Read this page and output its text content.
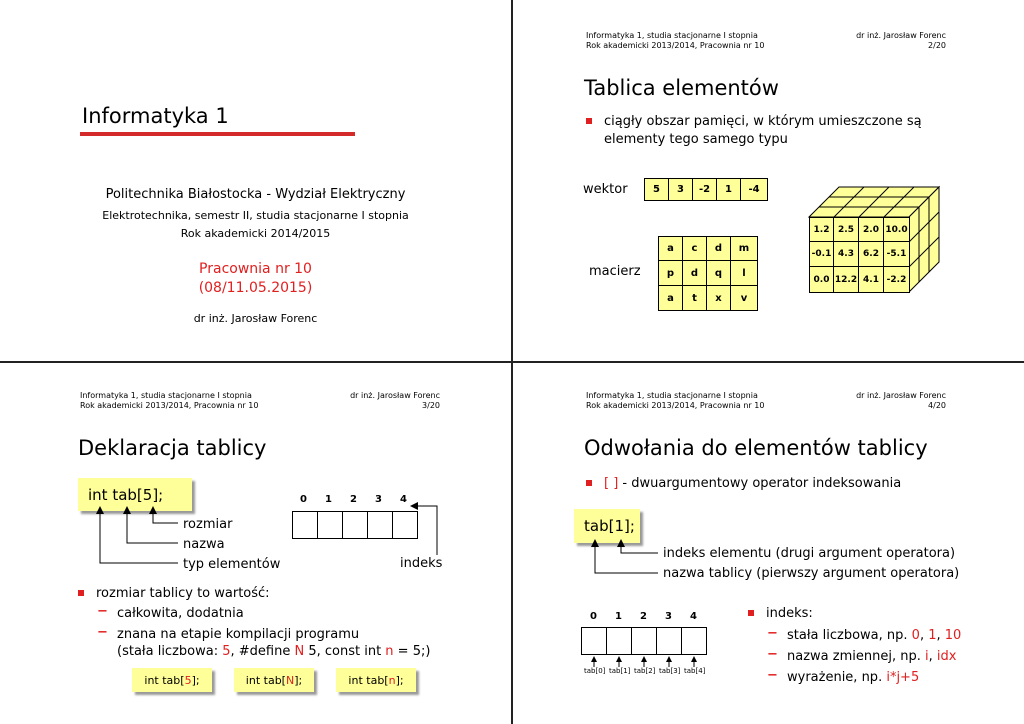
Informatyka 1
Politechnika Białostocka - Wydział Elektryczny
Elektrotechnika, semestr II, studia stacjonarne I stopnia
Rok akademicki 2014/2015
Pracownia nr 10
(08/11.05.2015)
dr inż. Jarosław Forenc
Informatyka 1, studia stacjonarne I stopnia
Rok akademicki 2013/2014, Pracownia nr 10
dr inż. Jarosław Forenc
2/20
Tablica elementów
ciągły obszar pamięci, w którym umieszczone są
elementy tego samego typu
wektor	5	3	-2	1	-4
macierz
a	c	d	m
p	d	q	l
a	t	x	v
1.2 2.5	2.0 10.0
-0.1 4.3	6.2 -5.1
0.0 12.2 4.1 -2.2
Informatyka 1, studia stacjonarne I stopnia
Rok akademicki 2013/2014, Pracownia nr 10
dr inż. Jarosław Forenc
3/20
Deklaracja tablicy
int tab[5];
rozmiar
nazwa
typ elementów	indeks
0 1 2 3 4
rozmiar tablicy to wartość:
− całkowita, dodatnia
− znana na etapie kompilacji programu
(stała liczbowa: 5, #define N 5, const int n = 5;)
int tab[ 5 ];	int tab[ N ];	int tab[ n ];
Informatyka 1, studia stacjonarne I stopnia
Rok akademicki 2013/2014, Pracownia nr 10
dr inż. Jarosław Forenc
4/20
Odwołania do elementów tablicy
[ ] - dwuargumentowy operator indeksowania
tab[1];
indeks elementu (drugi argument operatora)
nazwa tablicy (pierwszy argument operatora)
0 1 2 3 4
tab[0] tab[1] tab[2] tab[3] tab[4]
indeks:
− stała liczbowa, np. 0, 1, 10
− nazwa zmiennej, np. i, idx
− wyrażenie, np. i*j+5
